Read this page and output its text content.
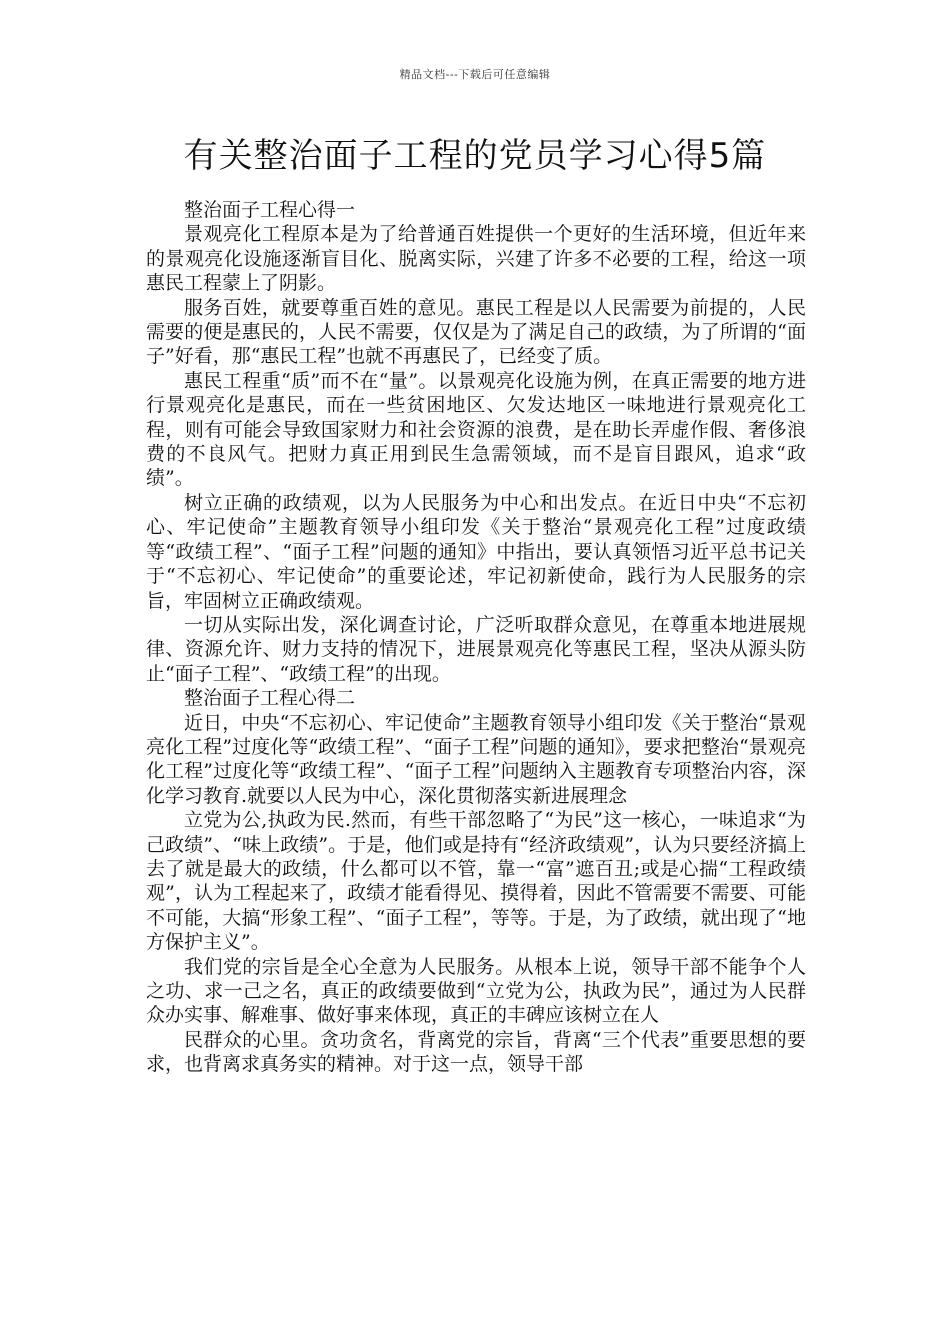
精品文档---下载后可任意编辑
有关整治面子工程的党员学习心得5篇

整治面子工程心得一

景观亮化工程原本是为了给普通百姓提供一个更好的生活环境，但近年来的景观亮化设施逐渐盲目化、脱离实际，兴建了许多不必要的工程，给这一项惠民工程蒙上了阴影。

服务百姓，就要尊重百姓的意见。惠民工程是以人民需要为前提的，人民需要的便是惠民的，人民不需要，仅仅是为了满足自己的政绩，为了所谓的“面子”好看，那“惠民工程”也就不再惠民了，已经变了质。

惠民工程重“质”而不在“量”。以景观亮化设施为例，在真正需要的地方进行景观亮化是惠民，而在一些贫困地区、欠发达地区一味地进行景观亮化工程，则有可能会导致国家财力和社会资源的浪费，是在助长弄虚作假、奢侈浪费的不良风气。把财力真正用到民生急需领域，而不是盲目跟风，追求“政绩”。

树立正确的政绩观，以为人民服务为中心和出发点。在近日中央“不忘初心、牢记使命”主题教育领导小组印发《关于整治“景观亮化工程”过度政绩等“政绩工程”、“面子工程”问题的通知》中指出，要认真领悟习近平总书记关于“不忘初心、牢记使命”的重要论述，牢记初新使命，践行为人民服务的宗旨，牢固树立正确政绩观。

一切从实际出发，深化调查讨论，广泛听取群众意见，在尊重本地进展规律、资源允许、财力支持的情况下，进展景观亮化等惠民工程，坚决从源头防止“面子工程”、“政绩工程”的出现。

整治面子工程心得二

近日，中央“不忘初心、牢记使命”主题教育领导小组印发《关于整治“景观亮化工程”过度化等“政绩工程”、“面子工程”问题的通知》，要求把整治“景观亮化工程”过度化等“政绩工程”、“面子工程”问题纳入主题教育专项整治内容，深化学习教育.就要以人民为中心，深化贯彻落实新进展理念

立党为公,执政为民.然而，有些干部忽略了“为民”这一核心，一味追求“为己政绩”、“味上政绩”。于是，他们或是持有“经济政绩观”，认为只要经济搞上去了就是最大的政绩，什么都可以不管，靠一“富”遮百丑;或是心揣“工程政绩观”，认为工程起来了，政绩才能看得见、摸得着，因此不管需要不需要、可能不可能，大搞“形象工程”、“面子工程”，等等。于是，为了政绩，就出现了“地方保护主义”。

我们党的宗旨是全心全意为人民服务。从根本上说，领导干部不能争个人之功、求一己之名，真正的政绩要做到“立党为公，执政为民”，通过为人民群众办实事、解难事、做好事来体现，真正的丰碑应该树立在人

民群众的心里。贪功贪名，背离党的宗旨，背离“三个代表”重要思想的要求，也背离求真务实的精神。对于这一点，领导干部
